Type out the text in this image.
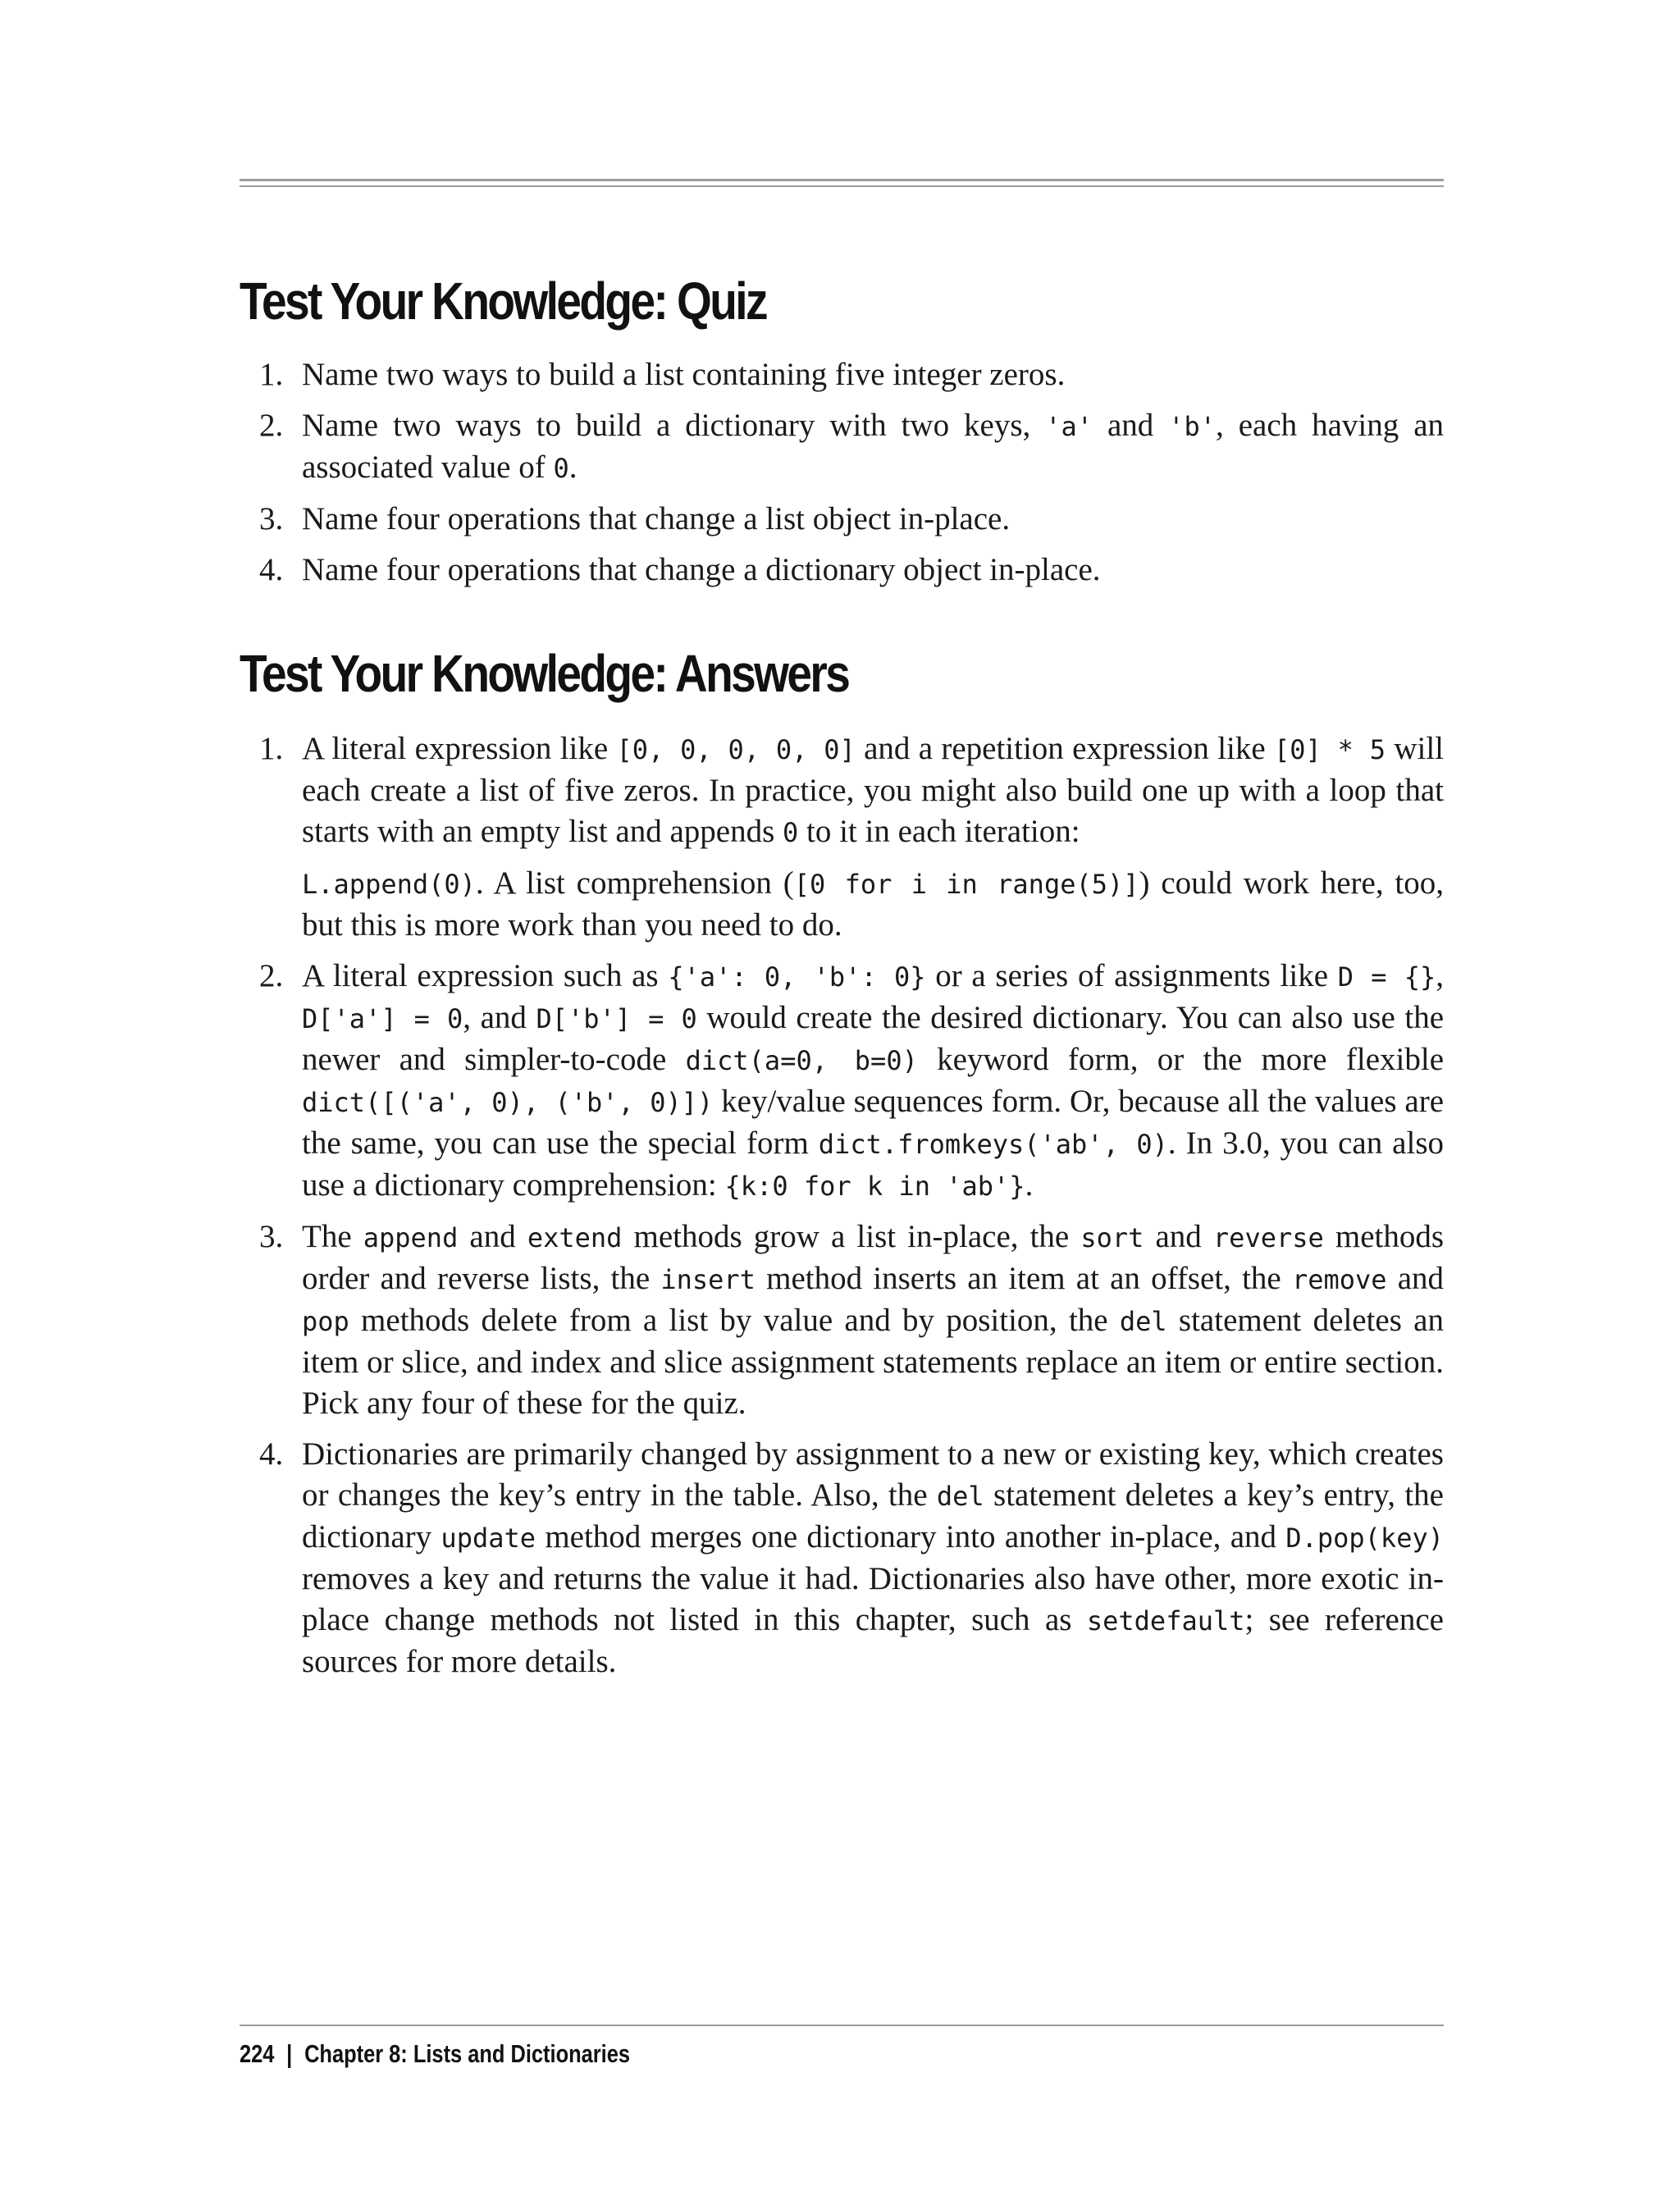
Test Your Knowledge: Quiz
1. Name two ways to build a list containing five integer zeros.
2. Name two ways to build a dictionary with two keys, 'a' and 'b', each having an associated value of 0.
3. Name four operations that change a list object in-place.
4. Name four operations that change a dictionary object in-place.
Test Your Knowledge: Answers
1. A literal expression like [0, 0, 0, 0, 0] and a repetition expression like [0] * 5 will each create a list of five zeros. In practice, you might also build one up with a loop that starts with an empty list and appends 0 to it in each iteration:

L.append(0). A list comprehension ([0 for i in range(5)]) could work here, too, but this is more work than you need to do.

2. A literal expression such as {'a': 0, 'b': 0} or a series of assignments like D = {}, D['a'] = 0, and D['b'] = 0 would create the desired dictionary. You can also use the newer and simpler-to-code dict(a=0, b=0) keyword form, or the more flexible dict([('a', 0), ('b', 0)]) key/value sequences form. Or, because all the values are the same, you can use the special form dict.fromkeys('ab', 0). In 3.0, you can also use a dictionary comprehension: {k:0 for k in 'ab'}.
3. The append and extend methods grow a list in-place, the sort and reverse methods order and reverse lists, the insert method inserts an item at an offset, the remove and pop methods delete from a list by value and by position, the del statement deletes an item or slice, and index and slice assignment statements replace an item or entire section. Pick any four of these for the quiz.
4. Dictionaries are primarily changed by assignment to a new or existing key, which creates or changes the key’s entry in the table. Also, the del statement deletes a key’s entry, the dictionary update method merges one dictionary into another in-place, and D.pop(key) removes a key and returns the value it had. Dictionaries also have other, more exotic in-place change methods not listed in this chapter, such as setdefault; see reference sources for more details.
224 | Chapter 8: Lists and Dictionaries
